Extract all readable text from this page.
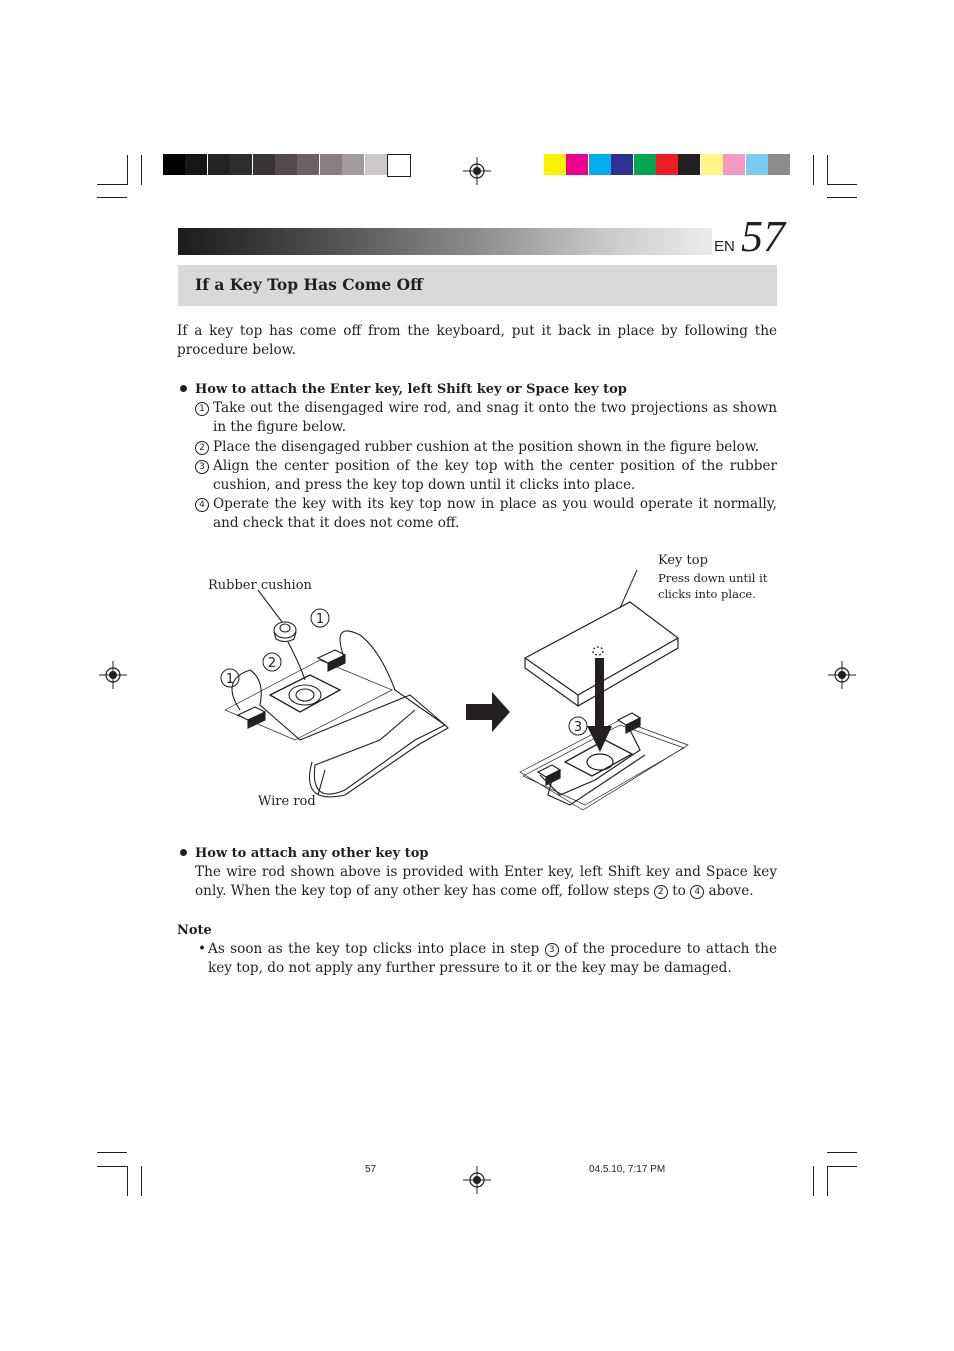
EN 57
If a Key Top Has Come Off
If a key top has come off from the keyboard, put it back in place by following the procedure below.
How to attach the Enter key, left Shift key or Space key top
1 Take out the disengaged wire rod, and snag it onto the two projections as shown in the figure below.
2 Place the disengaged rubber cushion at the position shown in the figure below.
3 Align the center position of the key top with the center position of the rubber cushion, and press the key top down until it clicks into place.
4 Operate the key with its key top now in place as you would operate it normally, and check that it does not come off.
Rubber cushion
Wire rod
Key top
Press down until it clicks into place.
1
2
1
3
How to attach any other key top
The wire rod shown above is provided with Enter key, left Shift key and Space key only. When the key top of any other key has come off, follow steps 2 to 4 above.
Note
• As soon as the key top clicks into place in step 3 of the procedure to attach the key top, do not apply any further pressure to it or the key may be damaged.
57	04.5.10, 7:17 PM
